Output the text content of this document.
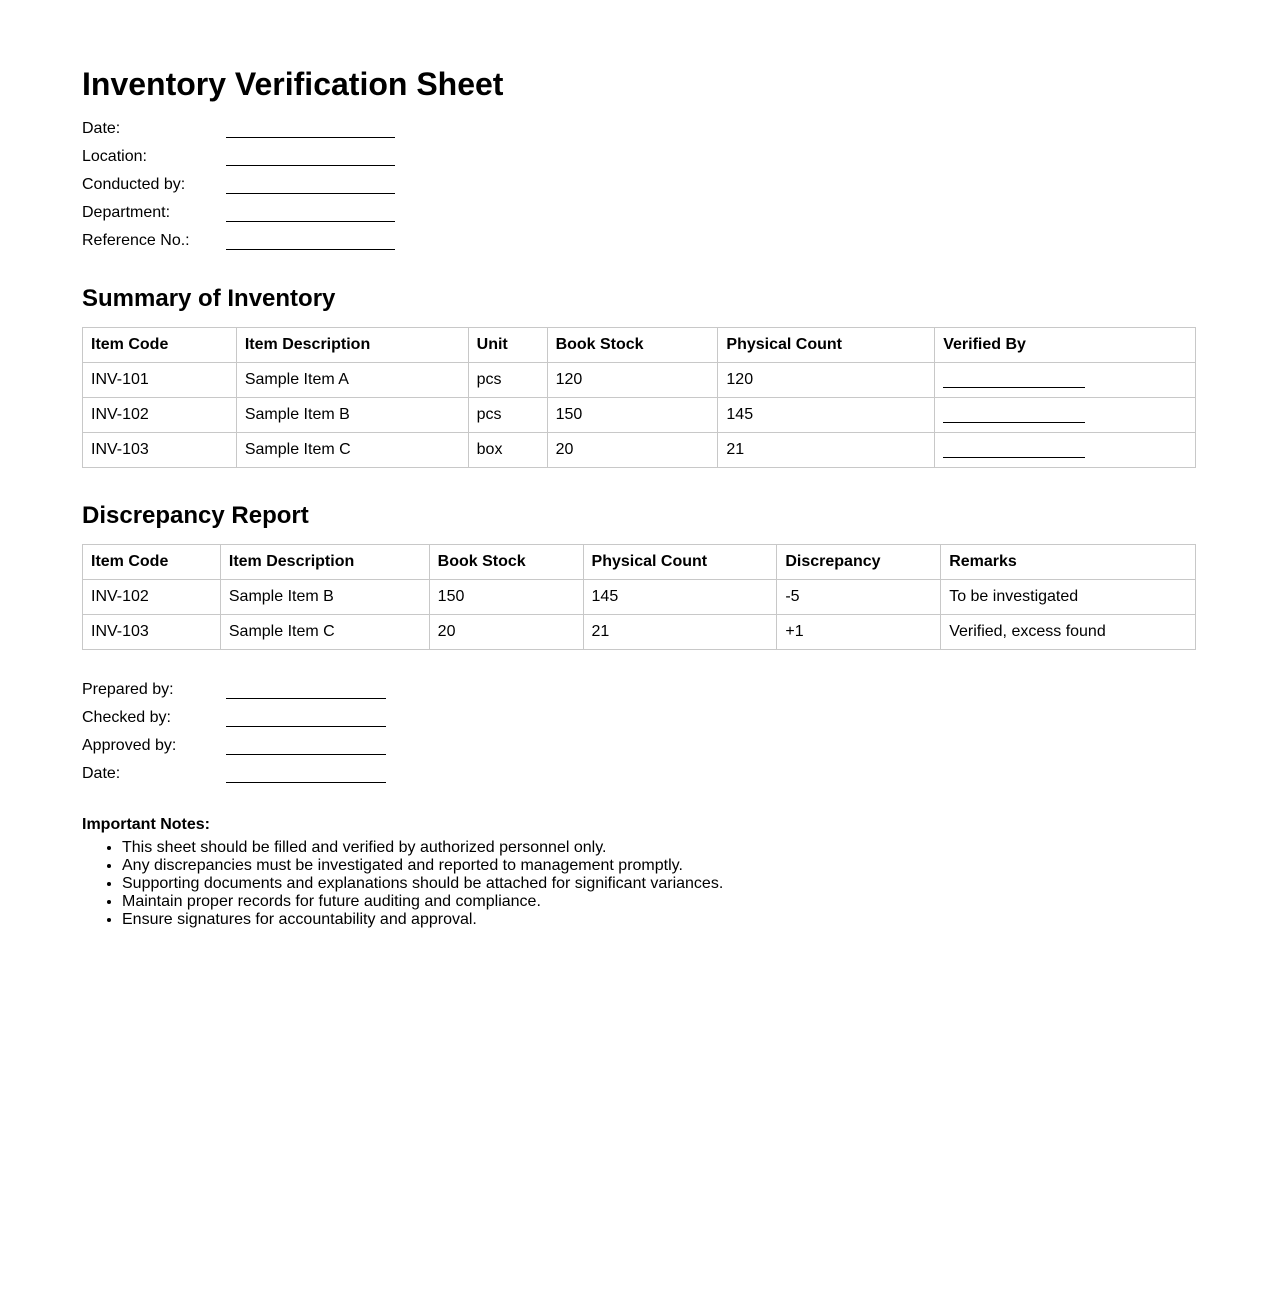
Inventory Verification Sheet
Date:
Location:
Conducted by:
Department:
Reference No.:
Summary of Inventory
Item Code	Item Description	Unit	Book Stock	Physical Count	Verified By
INV-101	Sample Item A	pcs	120	120	
INV-102	Sample Item B	pcs	150	145	
INV-103	Sample Item C	box	20	21	
Discrepancy Report
Item Code	Item Description	Book Stock	Physical Count	Discrepancy	Remarks
INV-102	Sample Item B	150	145	-5	To be investigated
INV-103	Sample Item C	20	21	+1	Verified, excess found
Prepared by:
Checked by:
Approved by:
Date:
Important Notes:
• This sheet should be filled and verified by authorized personnel only.
• Any discrepancies must be investigated and reported to management promptly.
• Supporting documents and explanations should be attached for significant variances.
• Maintain proper records for future auditing and compliance.
• Ensure signatures for accountability and approval.
